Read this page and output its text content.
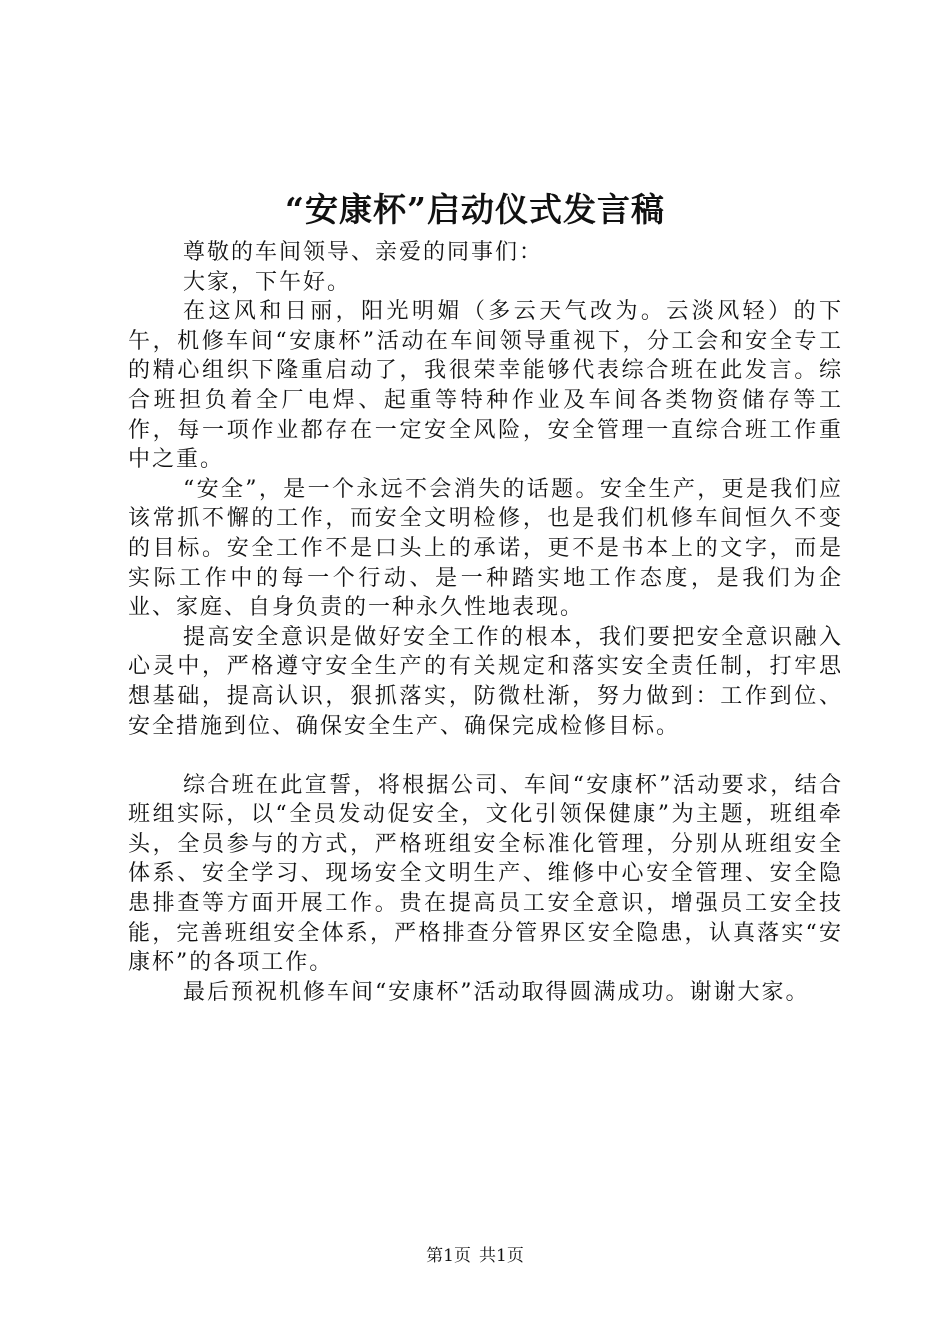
“安康杯”启动仪式发言稿

尊敬的车间领导、亲爱的同事们：

大家，下午好。

在这风和日丽，阳光明媚（多云天气改为。云淡风轻）的下午，机修车间“安康杯”活动在车间领导重视下，分工会和安全专工的精心组织下隆重启动了，我很荣幸能够代表综合班在此发言。综合班担负着全厂电焊、起重等特种作业及车间各类物资储存等工作，每一项作业都存在一定安全风险，安全管理一直综合班工作重中之重。

“安全”，是一个永远不会消失的话题。安全生产，更是我们应该常抓不懈的工作，而安全文明检修，也是我们机修车间恒久不变的目标。安全工作不是口头上的承诺，更不是书本上的文字，而是实际工作中的每一个行动、是一种踏实地工作态度，是我们为企业、家庭、自身负责的一种永久性地表现。

提高安全意识是做好安全工作的根本，我们要把安全意识融入心灵中，严格遵守安全生产的有关规定和落实安全责任制，打牢思想基础，提高认识，狠抓落实，防微杜渐，努力做到：工作到位、安全措施到位、确保安全生产、确保完成检修目标。

综合班在此宣誓，将根据公司、车间“安康杯”活动要求，结合班组实际，以“全员发动促安全，文化引领保健康”为主题，班组牵头，全员参与的方式，严格班组安全标准化管理，分别从班组安全体系、安全学习、现场安全文明生产、维修中心安全管理、安全隐患排查等方面开展工作。贵在提高员工安全意识，增强员工安全技能，完善班组安全体系，严格排查分管界区安全隐患，认真落实“安康杯”的各项工作。

最后预祝机修车间“安康杯”活动取得圆满成功。谢谢大家。

第1页 共1页
